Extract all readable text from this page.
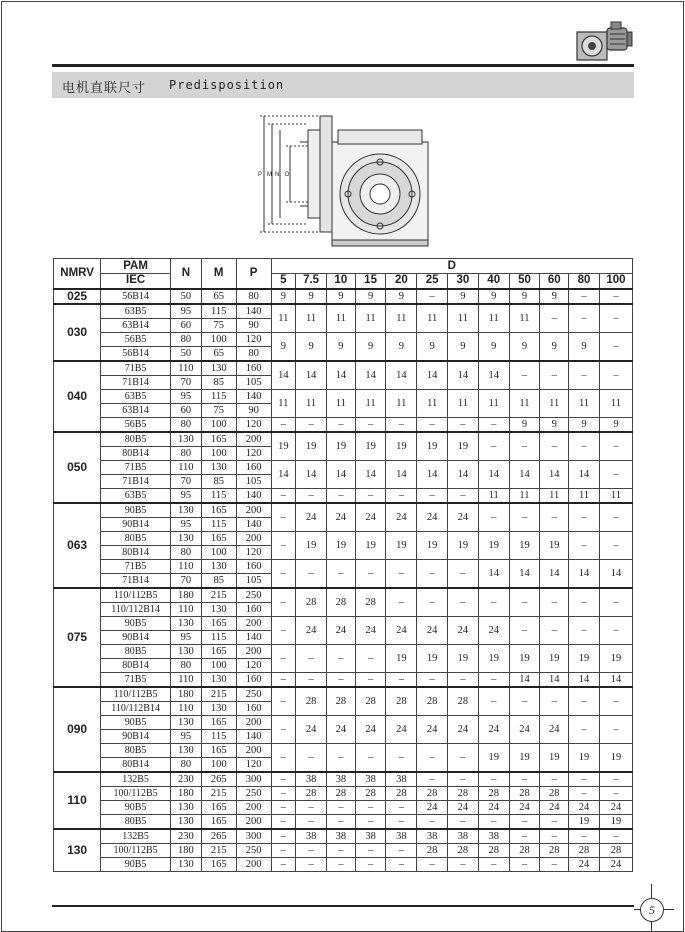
电机直联尺寸 Predisposition
P M N D
NMRV	PAM	N	M	P	D											
	IEC				5	7.5	10	15	20	25	30	40	50	60	80	100
025	56B14	50	65	80	9	9	9	9	9	–	9	9	9	9	–	–
030	63B5	95	115	140	11	11	11	11	11	11	11	11	11	–	–	–
	63B14	60	75	90												
	56B5	80	100	120	9	9	9	9	9	9	9	9	9	9	9	–
	56B14	50	65	80												
040	71B5	110	130	160	14	14	14	14	14	14	14	14	–	–	–	–
	71B14	70	85	105												
	63B5	95	115	140	11	11	11	11	11	11	11	11	11	11	11	11
	63B14	60	75	90												
	56B5	80	100	120	–	–	–	–	–	–	–	–	9	9	9	9
050	80B5	130	165	200	19	19	19	19	19	19	19	–	–	–	–	–
	80B14	80	100	120												
	71B5	110	130	160	14	14	14	14	14	14	14	14	14	14	14	–
	71B14	70	85	105												
	63B5	95	115	140	–	–	–	–	–	–	–	11	11	11	11	11
063	90B5	130	165	200	–	24	24	24	24	24	24	–	–	–	–	–
	90B14	95	115	140												
	80B5	130	165	200	–	19	19	19	19	19	19	19	19	19	–	–
	80B14	80	100	120												
	71B5	110	130	160	–	–	–	–	–	–	–	14	14	14	14	14
	71B14	70	85	105												
075	110/112B5	180	215	250	–	28	28	28	–	–	–	–	–	–	–	–
	110/112B14	110	130	160												
	90B5	130	165	200	–	24	24	24	24	24	24	24	–	–	–	–
	90B14	95	115	140												
	80B5	130	165	200	–	–	–	–	19	19	19	19	19	19	19	19
	80B14	80	100	120												
	71B5	110	130	160	–	–	–	–	–	–	–	–	14	14	14	14
090	110/112B5	180	215	250	–	28	28	28	28	28	28	–	–	–	–	–
	110/112B14	110	130	160												
	90B5	130	165	200	–	24	24	24	24	24	24	24	24	24	–	–
	90B14	95	115	140												
	80B5	130	165	200	–	–	–	–	–	–	–	19	19	19	19	19
	80B14	80	100	120												
110	132B5	230	265	300	–	38	38	38	38	–	–	–	–	–	–	–
	100/112B5	180	215	250	–	28	28	28	28	28	28	28	28	28	–	–
	90B5	130	165	200	–	–	–	–	–	24	24	24	24	24	24	24
	80B5	130	165	200	–	–	–	–	–	–	–	–	–	–	19	19
130	132B5	230	265	300	–	38	38	38	38	38	38	38	–	–	–	–
	100/112B5	180	215	250	–	–	–	–	–	28	28	28	28	28	28	28
	90B5	130	165	200	–	–	–	–	–	–	–	–	–	–	24	24
5
